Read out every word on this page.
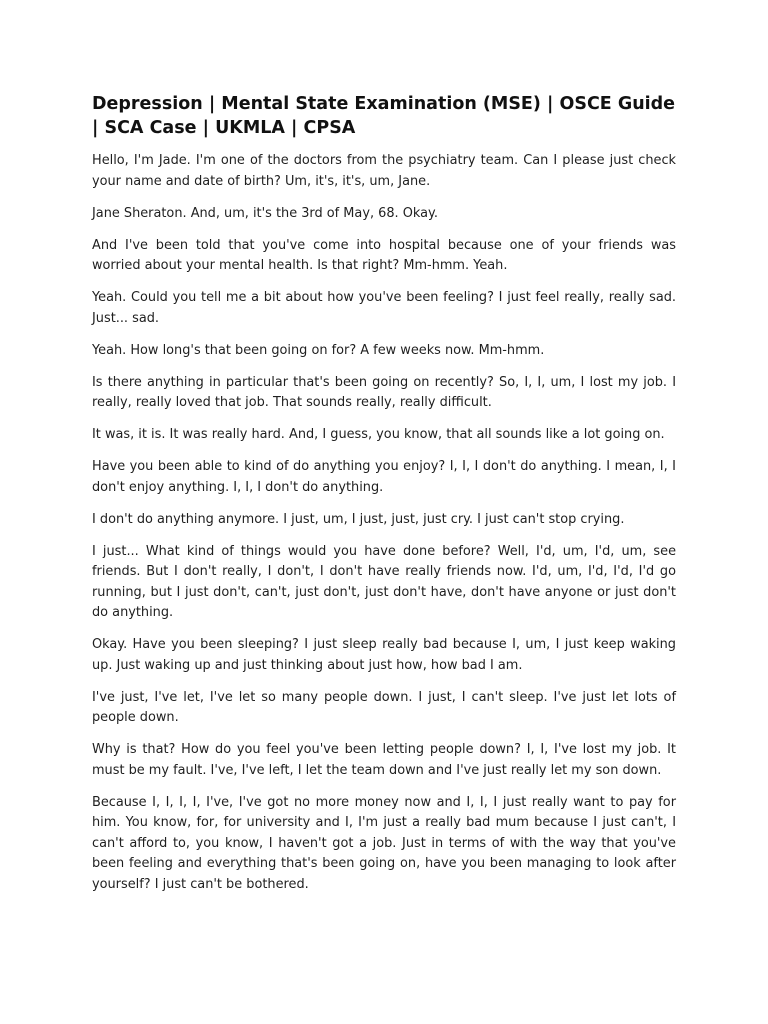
Depression | Mental State Examination (MSE) | OSCE Guide | SCA Case | UKMLA | CPSA

Hello, I'm Jade. I'm one of the doctors from the psychiatry team. Can I please just check your name and date of birth? Um, it's, it's, um, Jane.

Jane Sheraton. And, um, it's the 3rd of May, 68. Okay.

And I've been told that you've come into hospital because one of your friends was worried about your mental health. Is that right? Mm-hmm. Yeah.

Yeah. Could you tell me a bit about how you've been feeling? I just feel really, really sad. Just... sad.

Yeah. How long's that been going on for? A few weeks now. Mm-hmm.

Is there anything in particular that's been going on recently? So, I, I, um, I lost my job. I really, really loved that job. That sounds really, really difficult.

It was, it is. It was really hard. And, I guess, you know, that all sounds like a lot going on.

Have you been able to kind of do anything you enjoy? I, I, I don't do anything. I mean, I, I don't enjoy anything. I, I, I don't do anything.

I don't do anything anymore. I just, um, I just, just, just cry. I just can't stop crying.

I just... What kind of things would you have done before? Well, I'd, um, I'd, um, see friends. But I don't really, I don't, I don't have really friends now. I'd, um, I'd, I'd, I'd go running, but I just don't, can't, just don't, just don't have, don't have anyone or just don't do anything.

Okay. Have you been sleeping? I just sleep really bad because I, um, I just keep waking up. Just waking up and just thinking about just how, how bad I am.

I've just, I've let, I've let so many people down. I just, I can't sleep. I've just let lots of people down.

Why is that? How do you feel you've been letting people down? I, I, I've lost my job. It must be my fault. I've, I've left, I let the team down and I've just really let my son down.

Because I, I, I, I, I've, I've got no more money now and I, I, I just really want to pay for him. You know, for, for university and I, I'm just a really bad mum because I just can't, I can't afford to, you know, I haven't got a job. Just in terms of with the way that you've been feeling and everything that's been going on, have you been managing to look after yourself? I just can't be bothered.
